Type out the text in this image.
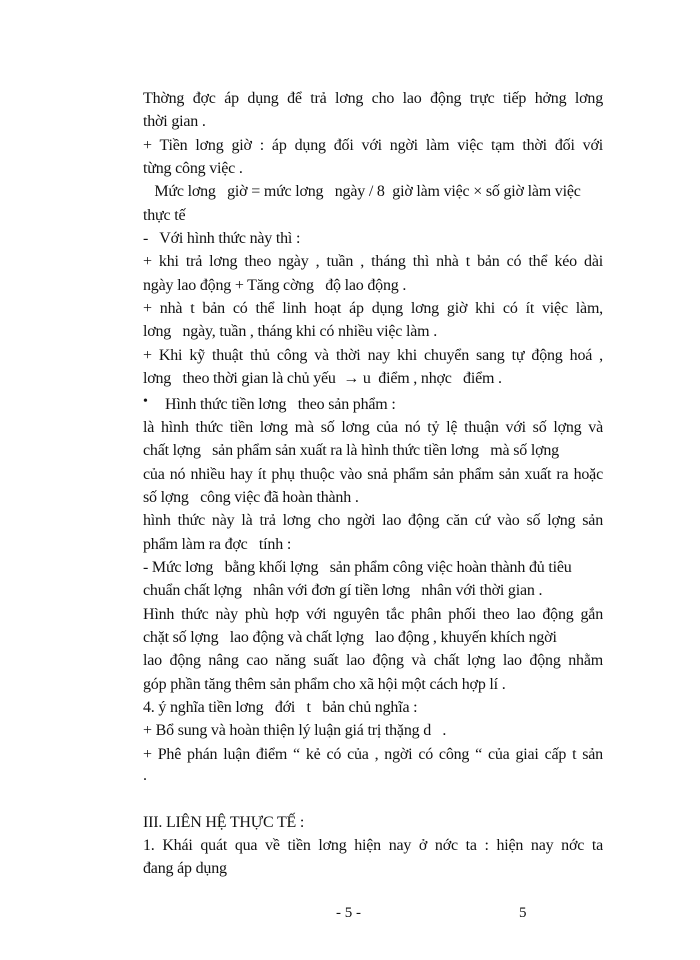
Thờng đợc áp dụng để trả lơng cho lao động trực tiếp hởng lơng
thời gian .
+ Tiền lơng giờ : áp dụng đối với ngời làm việc tạm thời đối với
từng công việc .
Mức lơng   giờ = mức lơng   ngày / 8  giờ làm việc × số giờ làm việc
thực tế
-   Với hình thức này thì :
+ khi trả lơng theo ngày , tuần , tháng thì nhà t bản có thể kéo dài
ngày lao động + Tăng cờng   độ lao động .
+ nhà t bản có thể linh hoạt áp dụng lơng giờ khi có ít việc làm,
lơng   ngày, tuần , tháng khi có nhiều việc làm .
+ Khi kỹ thuật thủ công và thời nay khi chuyển sang tự động hoá ,
lơng   theo thời gian là chủ yếu  → u  điểm , nhợc   điểm .
• Hình thức tiền lơng   theo sản phẩm :
là hình thức tiền lơng mà số lơng của nó tỷ lệ thuận với số lợng và
chất lợng   sản phẩm sản xuất ra là hình thức tiền lơng   mà số lợng
của nó nhiều hay ít phụ thuộc vào snả phẩm sản phẩm sản xuất ra hoặc
số lợng   công việc đã hoàn thành .
hình thức này là trả lơng cho ngời lao động căn cứ vào số lợng sản
phẩm làm ra đợc   tính :
- Mức lơng   bằng khối lợng   sản phẩm công việc hoàn thành đủ tiêu
chuẩn chất lợng   nhân với đơn gí tiền lơng   nhân với thời gian .
Hình thức này phù hợp với nguyên tắc phân phối theo lao động gắn
chặt số lợng   lao động và chất lợng   lao động , khuyến khích ngời
lao động nâng cao năng suất lao động và chất lợng lao động nhằm
góp phần tăng thêm sản phẩm cho xã hội một cách hợp lí .
4. ý nghĩa tiền lơng   đới   t   bản chủ nghĩa :
+ Bổ sung và hoàn thiện lý luận giá trị thặng d   .
+ Phê phán luận điểm “ kẻ có của , ngời có công “ của giai cấp t sản
.
III. LIÊN HỆ THỰC TẾ :
1. Khái quát qua về tiền lơng hiện nay ở nớc ta : hiện nay nớc ta
đang áp dụng
- 5 -	5
